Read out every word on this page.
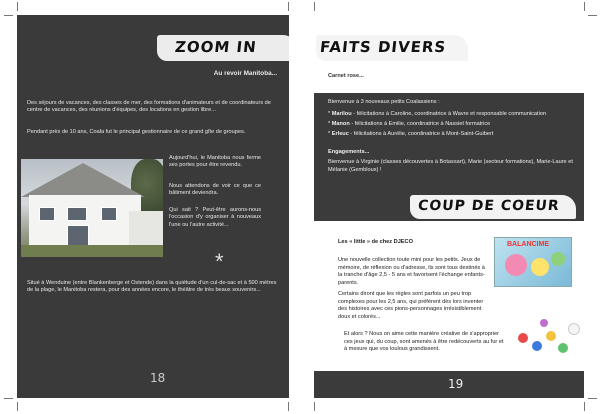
ZOOM IN
Au revoir Manitoba...
Des séjours de vacances, des classes de mer, des formations d'animateurs et de coordinateurs de centre de vacances, des réunions d'équipes, des locations en gestion libre...
Pendant près de 10 ans, Coala fut le principal gestionnaire de ce grand gîte de groupes.
Aujourd'hui, le Manitoba nous ferme ses portes pour être revendu.
Nous attendons de voir ce que ce bâtiment deviendra.
Qui sait ? Peut-être aurons-nous l'occasion d'y organiser à nouveaux l'une ou l'autre activité...
*
Situé à Wenduine (entre Blankenberge et Ostende) dans la quiétude d'un cul-de-sac et à 500 mètres de la plage, le Manitoba restera, pour des années encore, le théâtre de très beaux souvenirs...
18
FAITS DIVERS
Carnet rose...
Bienvenue à 3 nouveaux petits Coalassiens :
* Marilou - félicitations à Caroline, coordinatrice à Wavre et responsable communication
* Manon - félicitations à Emilie, coordinatrice à Nassiet formatrice
* Erleuc - félicitations à Aurélie, coordinatrice à Mont-Saint-Guibert
Engagements...
Bienvenue à Virginie (classes découvertes à Botassart), Marie (secteur formations), Marie-Laure et Mélanie (Gembloux) !
COUP DE COEUR
Les « little » de chez DJECO
Une nouvelle collection toute mini pour les petits. Jeux de mémoire, de réflexion ou d'adresse, ils sont tous destinés à la tranche d'âge 2,5 - 5 ans et favorisent l'échange enfants-parents.
Certains diront que les règles sont parfois un peu trop complexes pour les 2,5 ans, qui préfèrent dès lors inventer des histoires avec ces pions-personnages irrésistiblement doux et colorés...
Et alors ? Nous on aime cette manière créative de s'approprier ces jeux qui, du coup, sont amenés à être redécouverts au fur et à mesure que vos loulous grandissent.
BALANCIME
19
